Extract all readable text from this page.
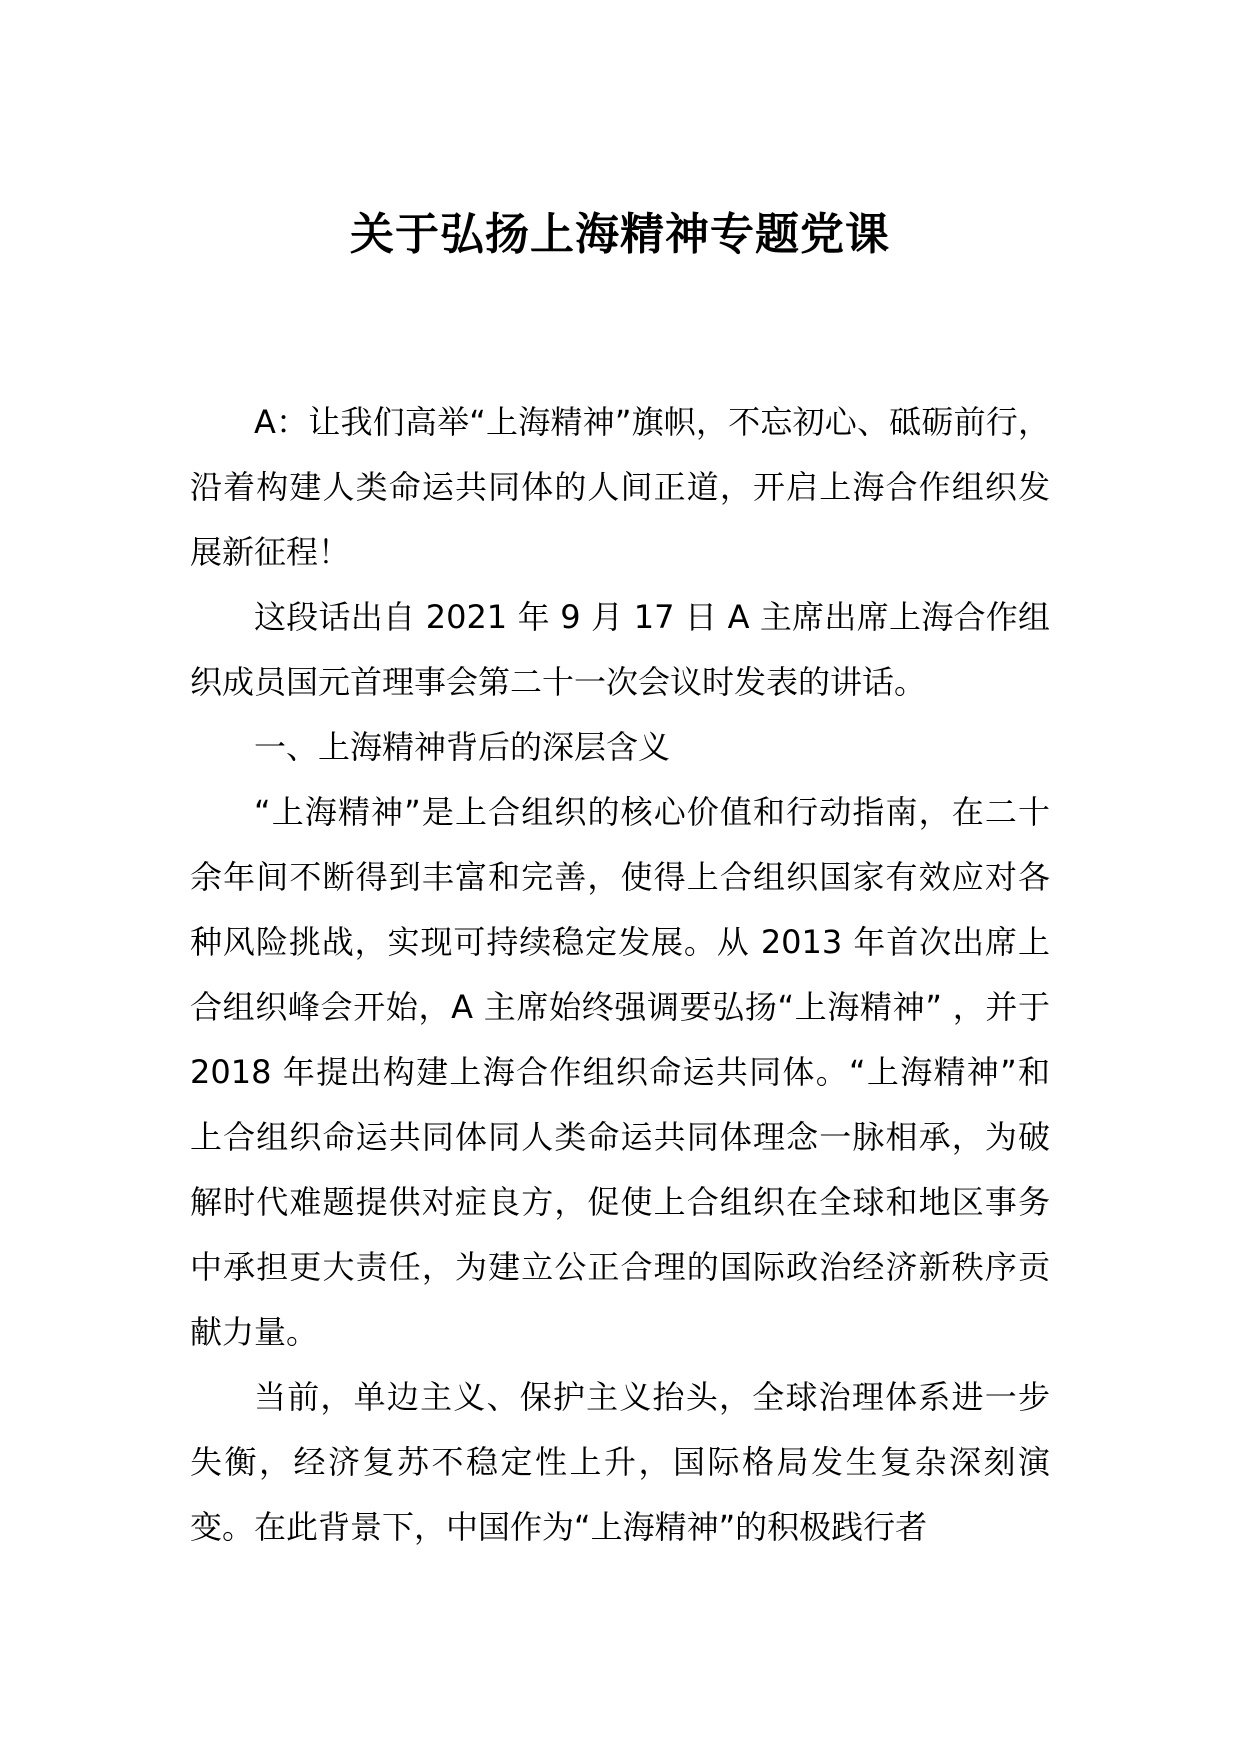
关于弘扬上海精神专题党课

A：让我们高举“上海精神”旗帜，不忘初心、砥砺前行，沿着构建人类命运共同体的人间正道，开启上海合作组织发展新征程！

这段话出自 2021 年 9 月 17 日 A 主席出席上海合作组织成员国元首理事会第二十一次会议时发表的讲话。

一、上海精神背后的深层含义

“上海精神”是上合组织的核心价值和行动指南，在二十余年间不断得到丰富和完善，使得上合组织国家有效应对各种风险挑战，实现可持续稳定发展。从 2013 年首次出席上合组织峰会开始，A 主席始终强调要弘扬“上海精神” ，并于 2018 年提出构建上海合作组织命运共同体。“上海精神”和上合组织命运共同体同人类命运共同体理念一脉相承，为破解时代难题提供对症良方，促使上合组织在全球和地区事务中承担更大责任，为建立公正合理的国际政治经济新秩序贡献力量。

当前，单边主义、保护主义抬头，全球治理体系进一步失衡，经济复苏不稳定性上升，国际格局发生复杂深刻演变。在此背景下，中国作为“上海精神”的积极践行者
